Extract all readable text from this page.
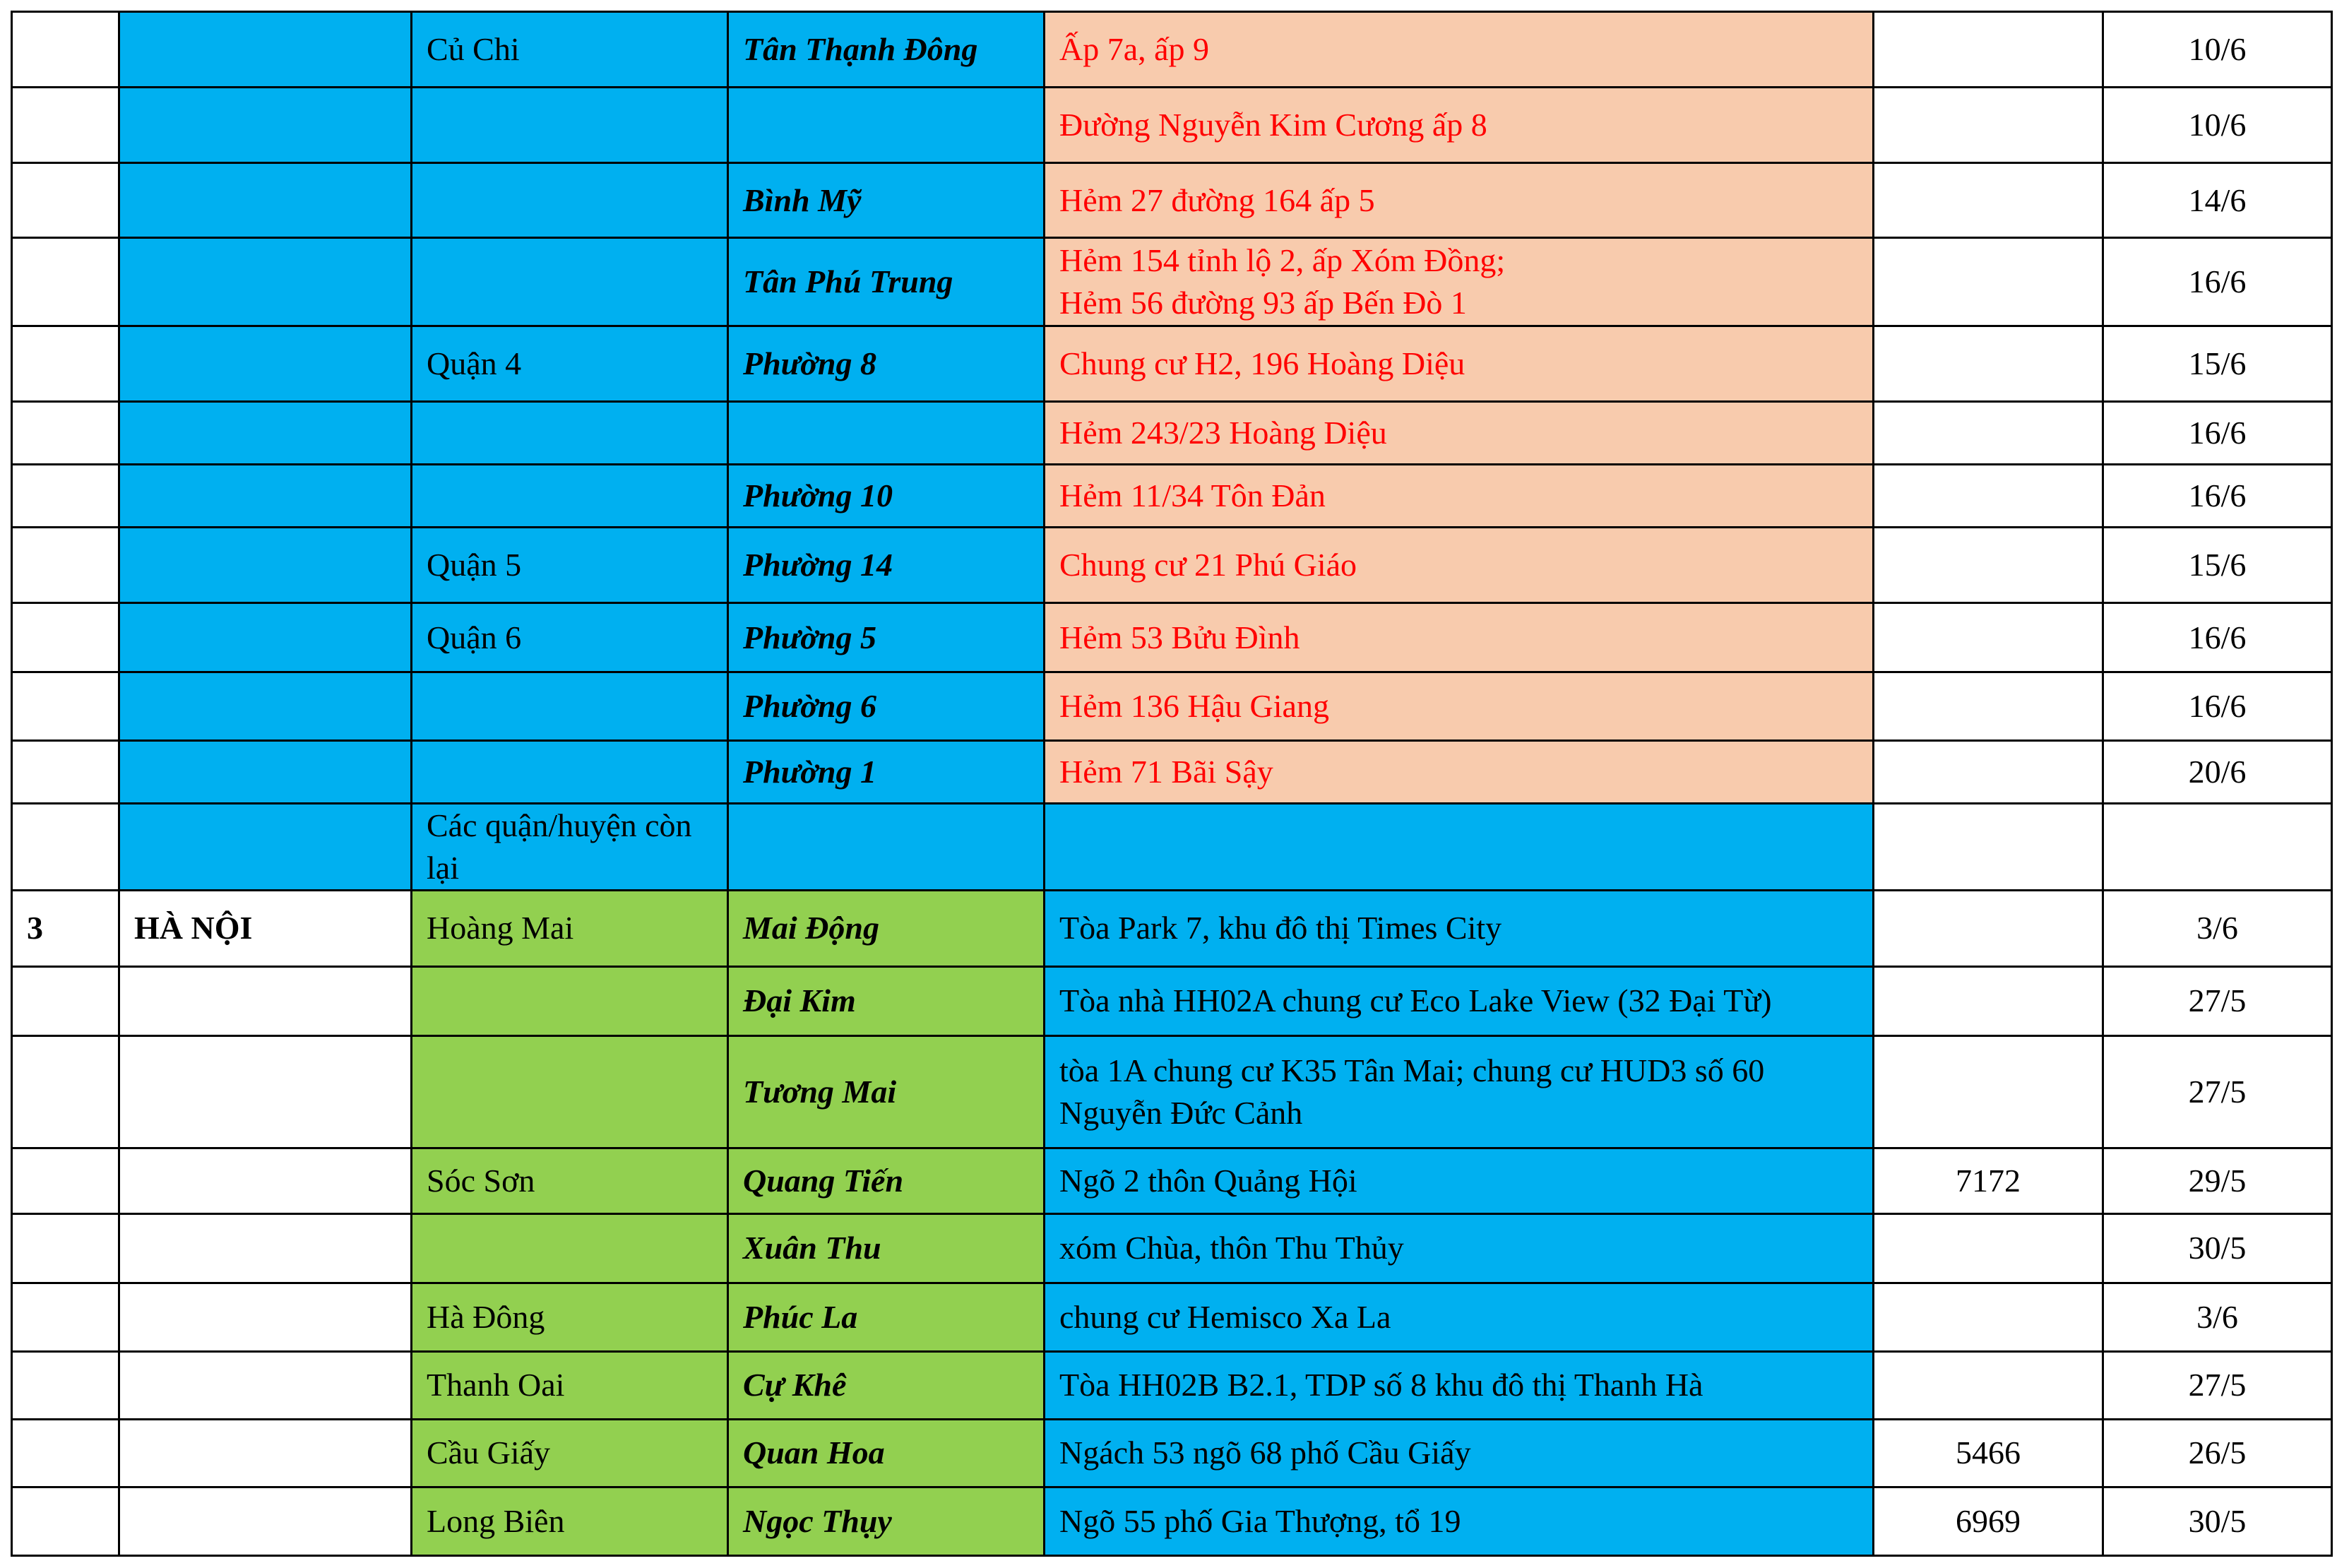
		Củ Chi	Tân Thạnh Đông	Ấp 7a, ấp 9		10/6

				Đường Nguyễn Kim Cương ấp 8		10/6
			Bình Mỹ	Hẻm 27 đường 164 ấp 5		14/6
			Tân Phú Trung	Hẻm 154 tỉnh lộ 2, ấp Xóm Đồng;
Hẻm 56 đường 93 ấp Bến Đò 1		16/6
		Quận 4	Phường 8	Chung cư H2, 196 Hoàng Diệu		15/6

				Hẻm 243/23 Hoàng Diệu		16/6
			Phường 10	Hẻm 11/34 Tôn Đản		16/6
		Quận 5	Phường 14	Chung cư 21 Phú Giáo		15/6
		Quận 6	Phường 5	Hẻm 53 Bửu Đình		16/6
			Phường 6	Hẻm 136 Hậu Giang		16/6
			Phường 1	Hẻm 71 Bãi Sậy		20/6
		Các quận/huyện còn lại		

3	HÀ NỘI	Hoàng Mai	Mai Động	Tòa Park 7, khu đô thị Times City		3/6
			Đại Kim	Tòa nhà HH02A chung cư Eco Lake View (32 Đại Từ)		27/5
			Tương Mai	tòa 1A chung cư K35 Tân Mai; chung cư HUD3 số 60 Nguyễn Đức Cảnh		27/5
		Sóc Sơn	Quang Tiến	Ngõ 2 thôn Quảng Hội	7172	29/5
			Xuân Thu	xóm Chùa, thôn Thu Thủy		30/5
		Hà Đông	Phúc La	chung cư Hemisco Xa La		3/6
		Thanh Oai	Cự Khê	Tòa HH02B B2.1, TDP số 8 khu đô thị Thanh Hà		27/5
		Cầu Giấy	Quan Hoa	Ngách 53 ngõ 68 phố Cầu Giấy	5466	26/5
		Long Biên	Ngọc Thụy	Ngõ 55 phố Gia Thượng, tổ 19	6969	30/5
